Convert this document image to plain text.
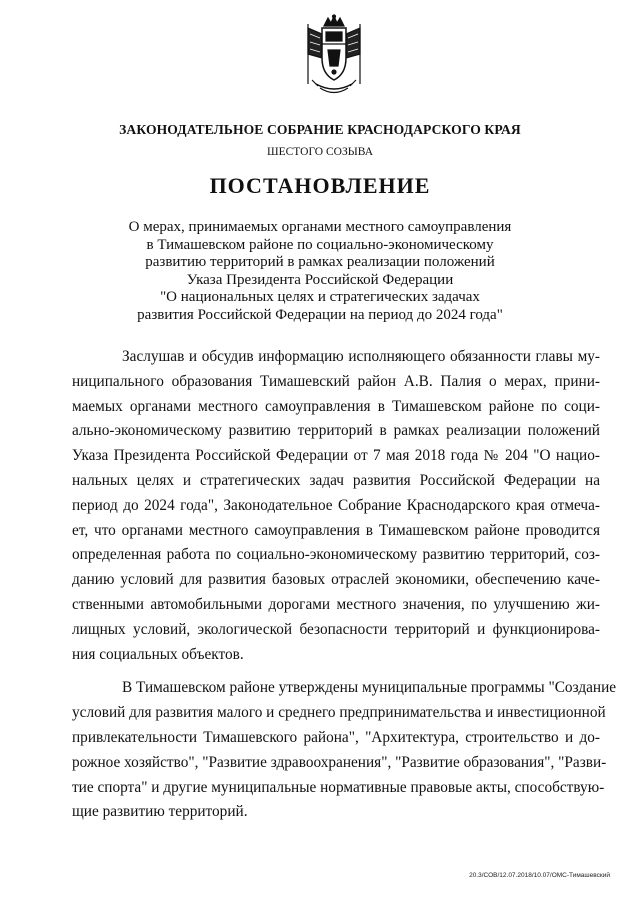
ЗАКОНОДАТЕЛЬНОЕ СОБРАНИЕ КРАСНОДАРСКОГО КРАЯ
ШЕСТОГО СОЗЫВА
ПОСТАНОВЛЕНИЕ
О мерах, принимаемых органами местного самоуправления
в Тимашевском районе по социально-экономическому
развитию территорий в рамках реализации положений
Указа Президента Российской Федерации
"О национальных целях и стратегических задачах
развития Российской Федерации на период до 2024 года"
Заслушав и обсудив информацию исполняющего обязанности главы му-
ниципального образования Тимашевский район А.В. Палия о мерах, прини-
маемых органами местного самоуправления в Тимашевском районе по соци-
ально-экономическому развитию территорий в рамках реализации положений
Указа Президента Российской Федерации от 7 мая 2018 года № 204 "О нацио-
нальных целях и стратегических задач развития Российской Федерации на
период до 2024 года", Законодательное Собрание Краснодарского края отмеча-
ет, что органами местного самоуправления в Тимашевском районе проводится
определенная работа по социально-экономическому развитию территорий, соз-
данию условий для развития базовых отраслей экономики, обеспечению каче-
ственными автомобильными дорогами местного значения, по улучшению жи-
лищных условий, экологической безопасности территорий и функционирова-
ния социальных объектов.
В Тимашевском районе утверждены муниципальные программы "Создание
условий для развития малого и среднего предпринимательства и инвестиционной
привлекательности Тимашевского района", "Архитектура, строительство и до-
рожное хозяйство", "Развитие здравоохранения", "Развитие образования", "Разви-
тие спорта" и другие муниципальные нормативные правовые акты, способствую-
щие развитию территорий.
20.3/СОВ/12.07.2018/10.07/ОМС-Тимашевский
